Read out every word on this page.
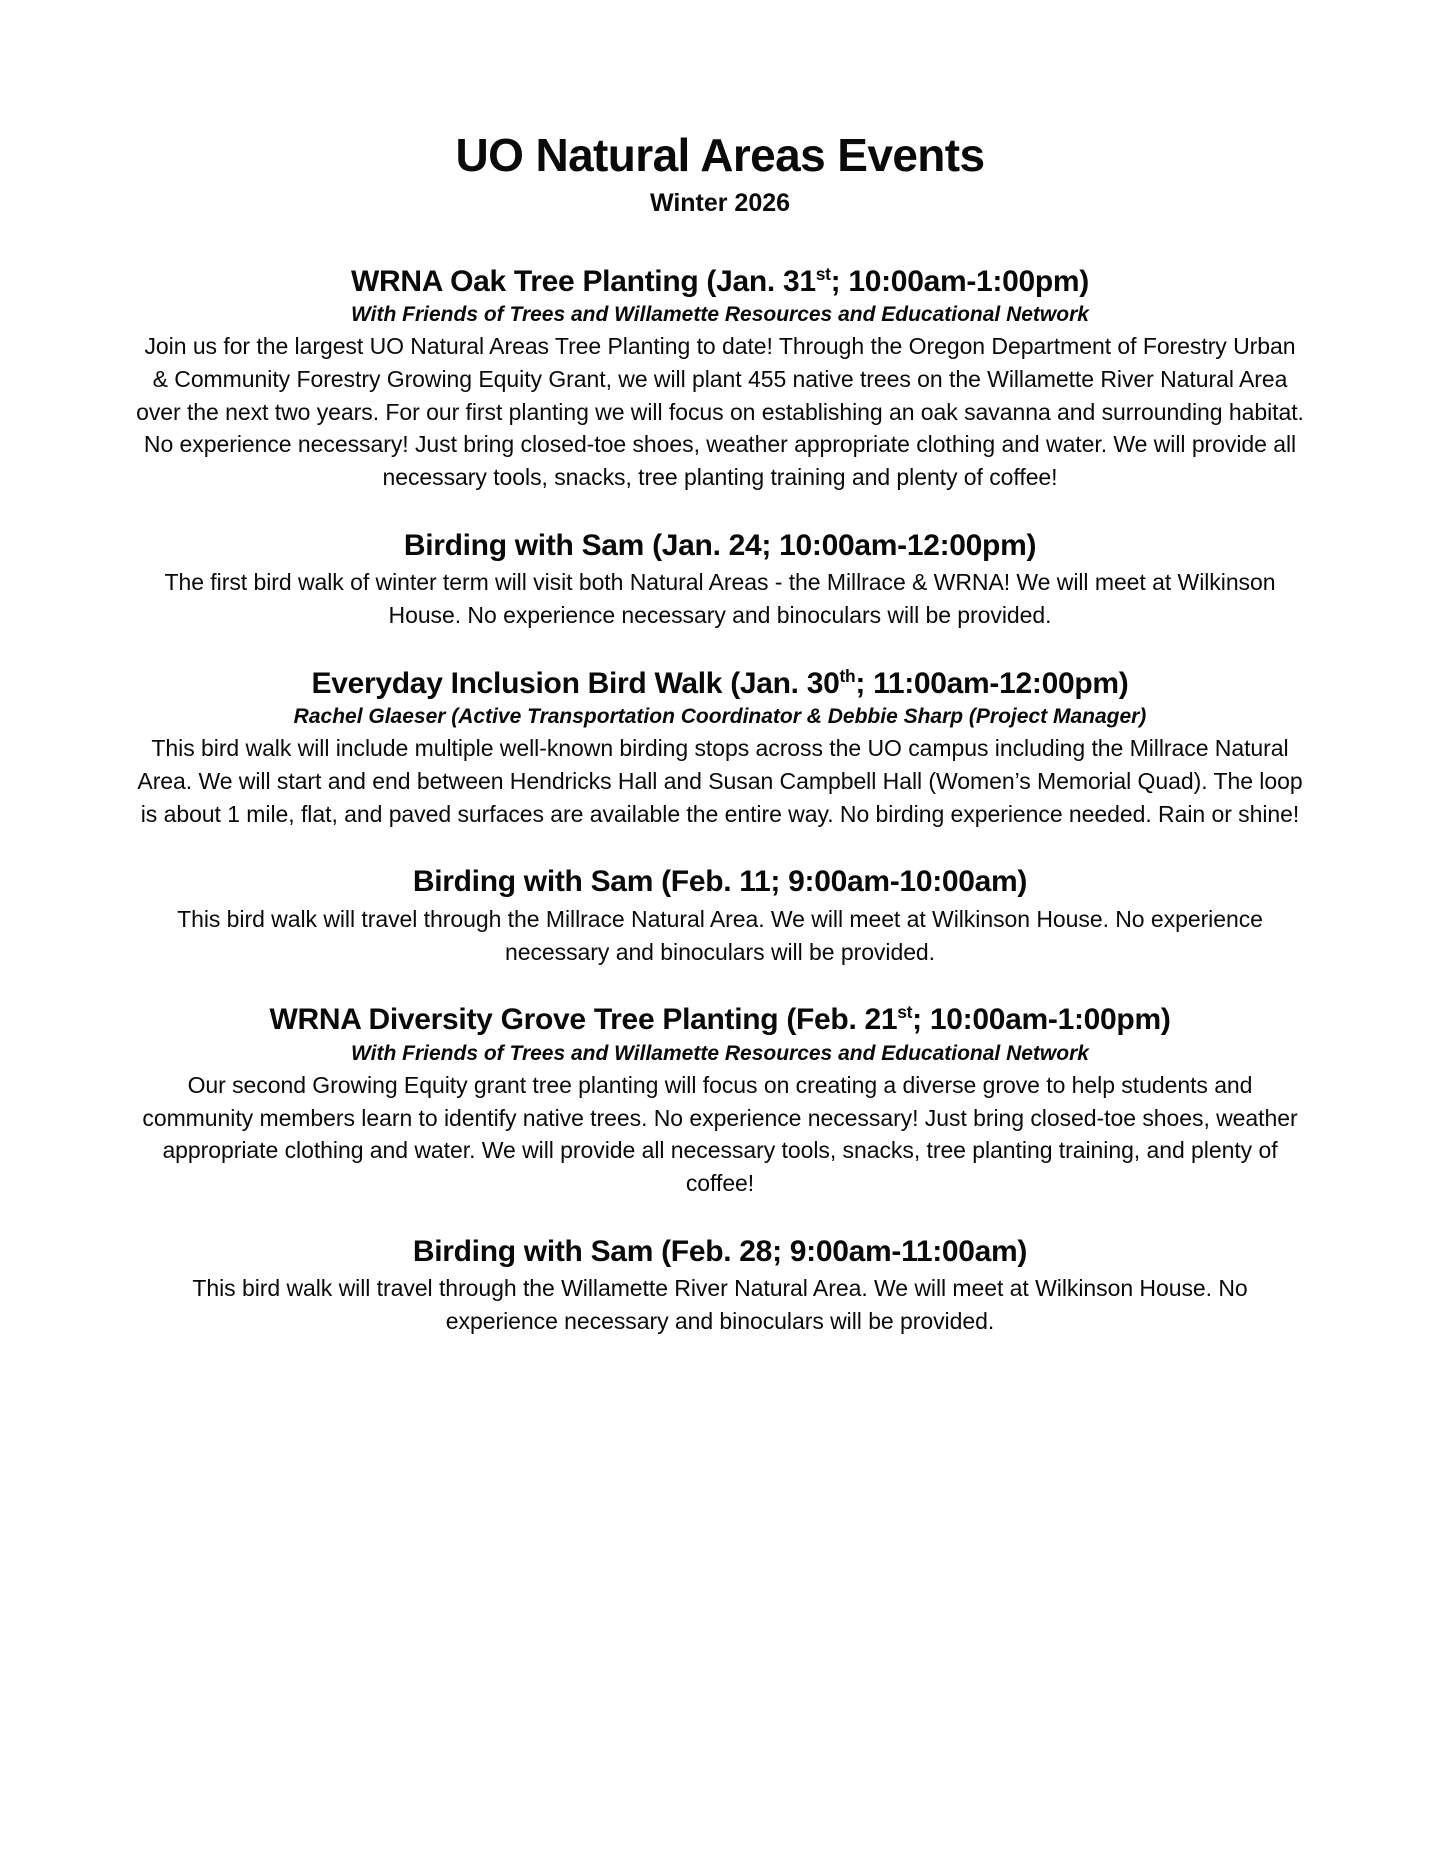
UO Natural Areas Events
Winter 2026
WRNA Oak Tree Planting (Jan. 31st; 10:00am-1:00pm)
With Friends of Trees and Willamette Resources and Educational Network

Join us for the largest UO Natural Areas Tree Planting to date! Through the Oregon Department of Forestry Urban & Community Forestry Growing Equity Grant, we will plant 455 native trees on the Willamette River Natural Area over the next two years. For our first planting we will focus on establishing an oak savanna and surrounding habitat. No experience necessary! Just bring closed-toe shoes, weather appropriate clothing and water. We will provide all necessary tools, snacks, tree planting training and plenty of coffee!

Birding with Sam (Jan. 24; 10:00am-12:00pm)

The first bird walk of winter term will visit both Natural Areas - the Millrace & WRNA! We will meet at Wilkinson House. No experience necessary and binoculars will be provided.

Everyday Inclusion Bird Walk (Jan. 30th; 11:00am-12:00pm)
Rachel Glaeser (Active Transportation Coordinator & Debbie Sharp (Project Manager)

This bird walk will include multiple well-known birding stops across the UO campus including the Millrace Natural Area. We will start and end between Hendricks Hall and Susan Campbell Hall (Women’s Memorial Quad). The loop is about 1 mile, flat, and paved surfaces are available the entire way. No birding experience needed. Rain or shine!

Birding with Sam (Feb. 11; 9:00am-10:00am)

This bird walk will travel through the Millrace Natural Area. We will meet at Wilkinson House. No experience necessary and binoculars will be provided.

WRNA Diversity Grove Tree Planting (Feb. 21st; 10:00am-1:00pm)
With Friends of Trees and Willamette Resources and Educational Network

Our second Growing Equity grant tree planting will focus on creating a diverse grove to help students and community members learn to identify native trees. No experience necessary! Just bring closed-toe shoes, weather appropriate clothing and water. We will provide all necessary tools, snacks, tree planting training, and plenty of coffee!

Birding with Sam (Feb. 28; 9:00am-11:00am)

This bird walk will travel through the Willamette River Natural Area. We will meet at Wilkinson House. No experience necessary and binoculars will be provided.
